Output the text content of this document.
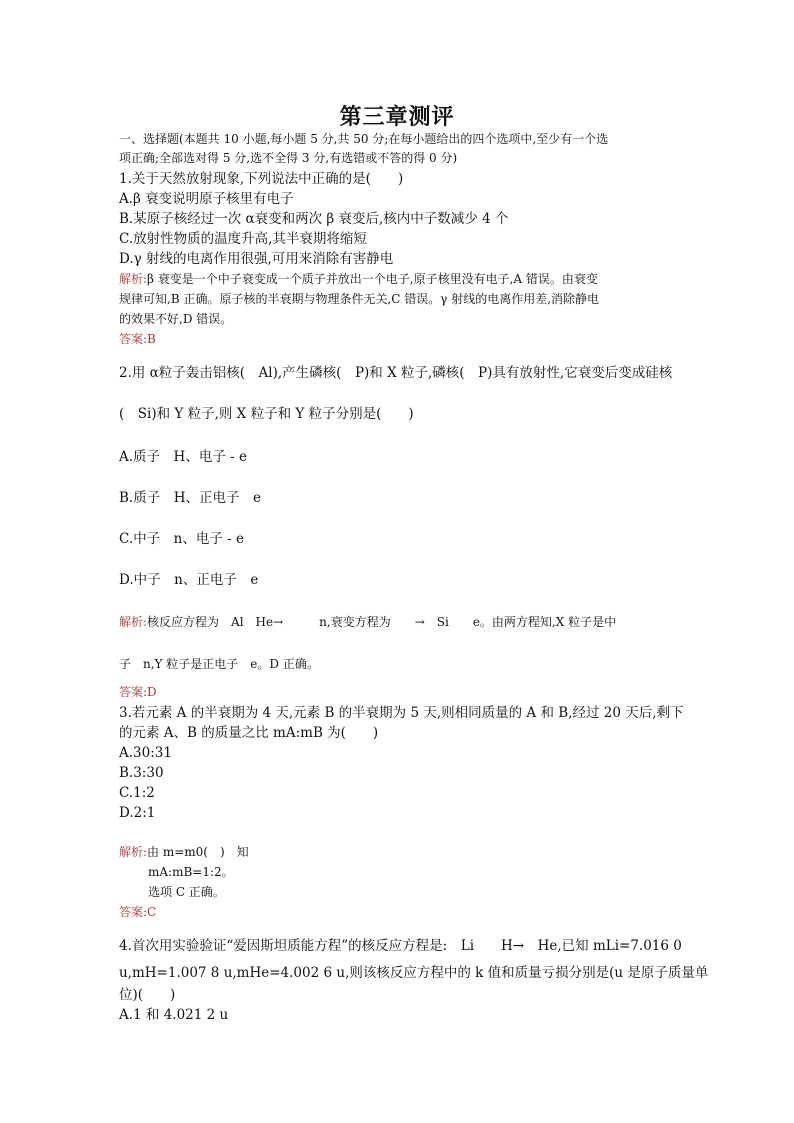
第三章测评
一、选择题(本题共 10 小题,每小题 5 分,共 50 分;在每小题给出的四个选项中,至少有一个选
项正确;全部选对得 5 分,选不全得 3 分,有选错或不答的得 0 分)
1.关于天然放射现象,下列说法中正确的是(　　)
A.β 衰变说明原子核里有电子
B.某原子核经过一次 α衰变和两次 β 衰变后,核内中子数减少 4 个
C.放射性物质的温度升高,其半衰期将缩短
D.γ 射线的电离作用很强,可用来消除有害静电
解析:β 衰变是一个中子衰变成一个质子并放出一个电子,原子核里没有电子,A 错误。由衰变
规律可知,B 正确。原子核的半衰期与物理条件无关,C 错误。γ 射线的电离作用差,消除静电
的效果不好,D 错误。
答案:B
2.用 α粒子轰击铝核(　Al),产生磷核(　P)和 X 粒子,磷核(　P)具有放射性,它衰变后变成硅核
(　Si)和 Y 粒子,则 X 粒子和 Y 粒子分别是(　　)
A.质子　H、电子 - e
B.质子　H、正电子　e
C.中子　n、电子 - e
D.中子　n、正电子　e
解析:核反应方程为　Al　He→　　　n,衰变方程为　　→　Si　　e。由两方程知,X 粒子是中
子　n,Y 粒子是正电子　e。D 正确。
答案:D
3.若元素 A 的半衰期为 4 天,元素 B 的半衰期为 5 天,则相同质量的 A 和 B,经过 20 天后,剩下
的元素 A、B 的质量之比 mA:mB 为(　　)
A.30:31
B.3:30
C.1:2
D.2:1
解析:由 m=m0(　)　知
mA:mB=1:2。
选项 C 正确。
答案:C
4.首次用实验验证“爱因斯坦质能方程”的核反应方程是:　Li　　H→　He,已知 mLi=7.016 0
u,mH=1.007 8 u,mHe=4.002 6 u,则该核反应方程中的 k 值和质量亏损分别是(u 是原子质量单
位)(　　)
A.1 和 4.021 2 u
